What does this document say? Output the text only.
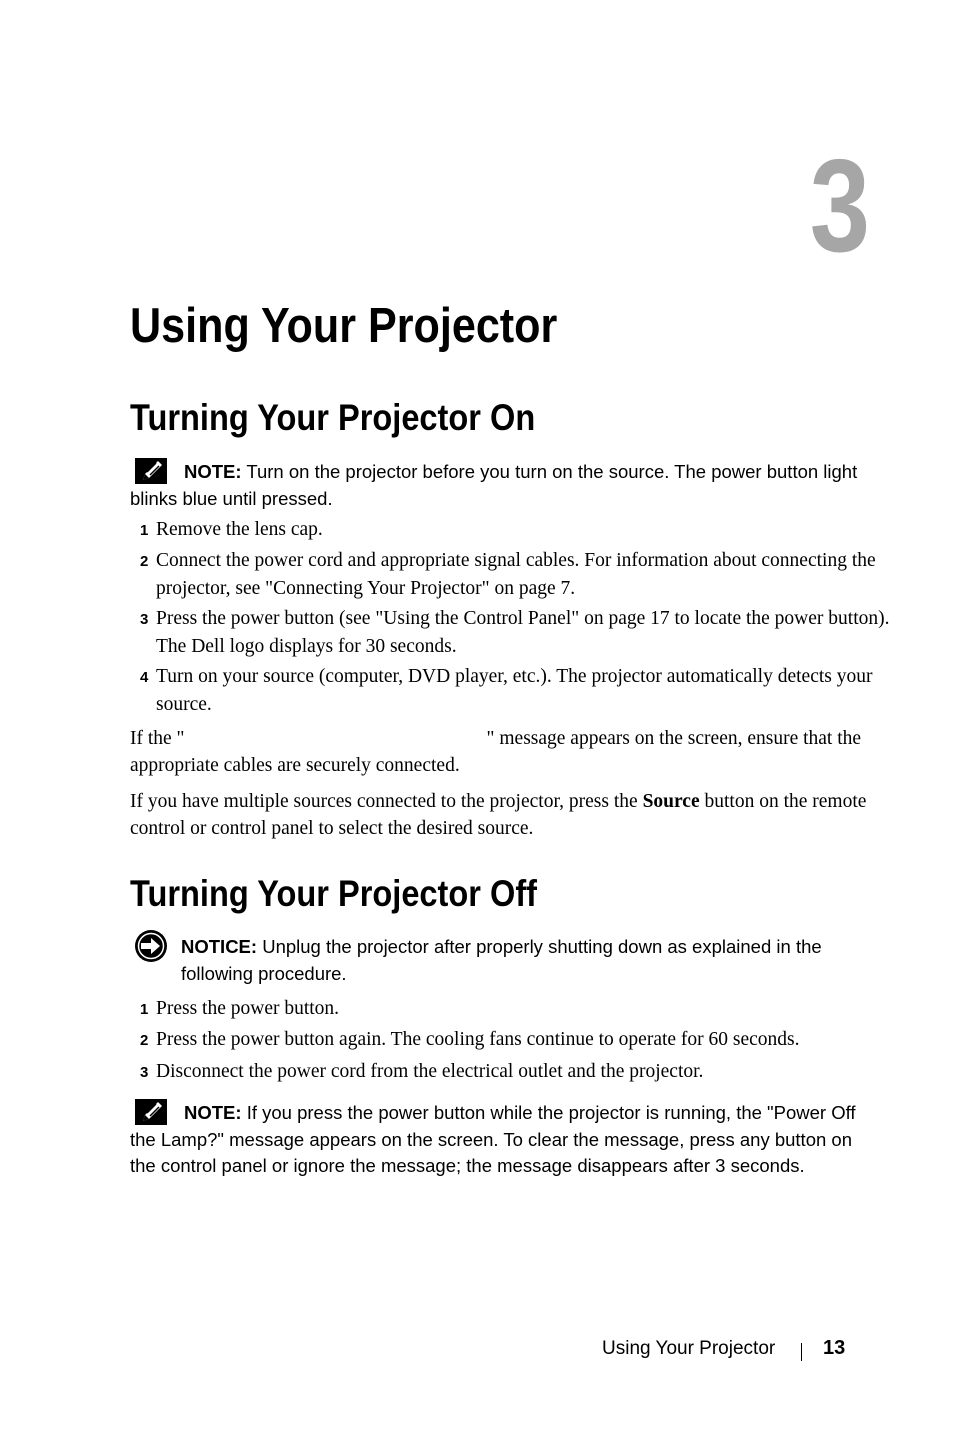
3
Using Your Projector
Turning Your Projector On
NOTE: Turn on the projector before you turn on the source. The power button light blinks blue until pressed.
1 Remove the lens cap.
2 Connect the power cord and appropriate signal cables. For information about connecting the projector, see "Connecting Your Projector" on page 7.
3 Press the power button (see "Using the Control Panel" on page 17 to locate the power button). The Dell logo displays for 30 seconds.
4 Turn on your source (computer, DVD player, etc.). The projector automatically detects your source.
If the "	" message appears on the screen, ensure that the appropriate cables are securely connected.
If you have multiple sources connected to the projector, press the Source button on the remote control or control panel to select the desired source.
Turning Your Projector Off
NOTICE: Unplug the projector after properly shutting down as explained in the following procedure.
1 Press the power button.
2 Press the power button again. The cooling fans continue to operate for 60 seconds.
3 Disconnect the power cord from the electrical outlet and the projector.
NOTE: If you press the power button while the projector is running, the "Power Off the Lamp?" message appears on the screen. To clear the message, press any button on the control panel or ignore the message; the message disappears after 3 seconds.
Using Your Projector 13
